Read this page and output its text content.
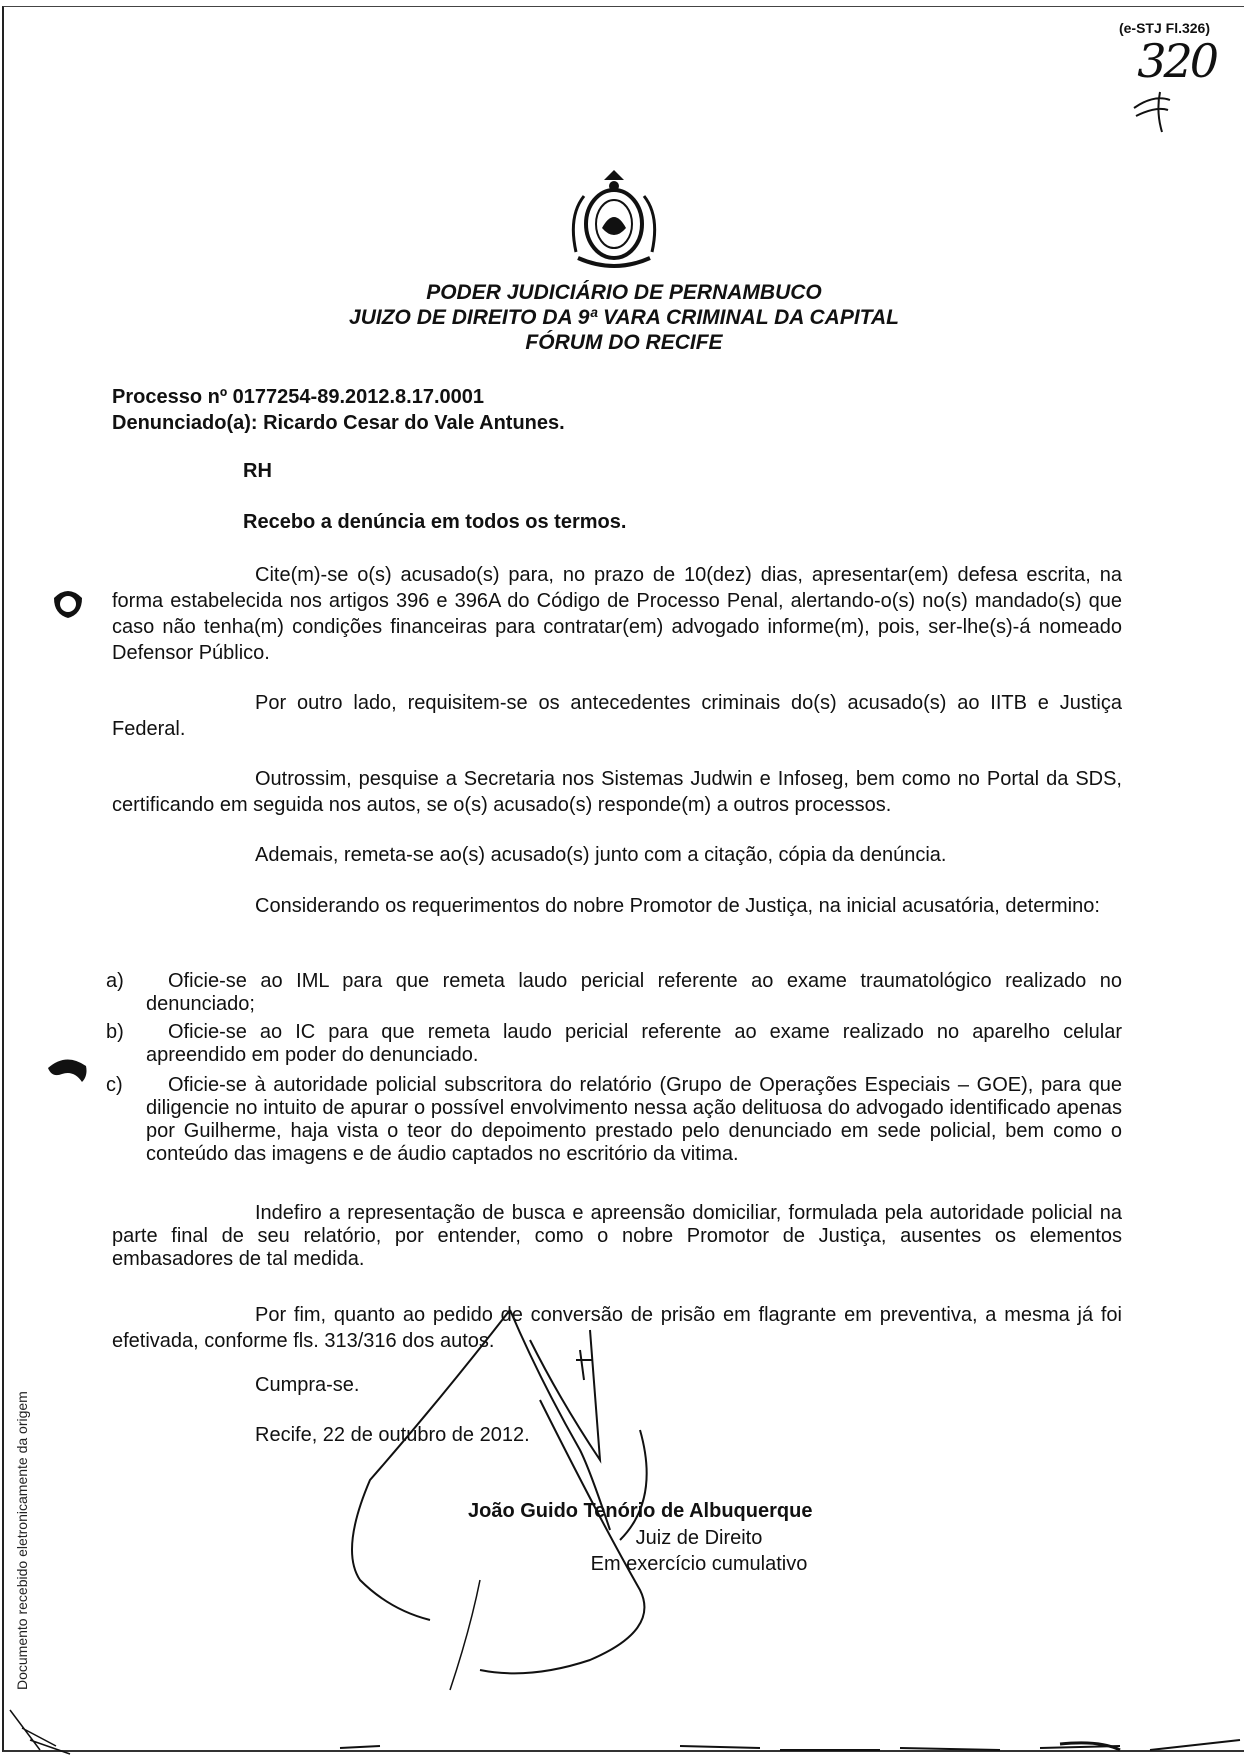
(e-STJ Fl.326)
320
PODER JUDICIÁRIO DE PERNAMBUCO
JUIZO DE DIREITO DA 9ª VARA CRIMINAL DA CAPITAL
FÓRUM DO RECIFE
Processo nº 0177254-89.2012.8.17.0001
Denunciado(a): Ricardo Cesar do Vale Antunes.
RH
Recebo a denúncia em todos os termos.
Cite(m)-se o(s) acusado(s) para, no prazo de 10(dez) dias, apresentar(em) defesa escrita, na forma estabelecida nos artigos 396 e 396A do Código de Processo Penal, alertando-o(s) no(s) mandado(s) que caso não tenha(m) condições financeiras para contratar(em) advogado informe(m), pois, ser-lhe(s)-á nomeado Defensor Público.
Por outro lado, requisitem-se os antecedentes criminais do(s) acusado(s) ao IITB e Justiça Federal.
Outrossim, pesquise a Secretaria nos Sistemas Judwin e Infoseg, bem como no Portal da SDS, certificando em seguida nos autos, se o(s) acusado(s) responde(m) a outros processos.
Ademais, remeta-se ao(s) acusado(s) junto com a citação, cópia da denúncia.
Considerando os requerimentos do nobre Promotor de Justiça, na inicial acusatória, determino:
a)	Oficie-se ao IML para que remeta laudo pericial referente ao exame traumatológico realizado no denunciado;
b)	Oficie-se ao IC para que remeta laudo pericial referente ao exame realizado no aparelho celular apreendido em poder do denunciado.
c)	Oficie-se à autoridade policial subscritora do relatório (Grupo de Operações Especiais – GOE), para que diligencie no intuito de apurar o possível envolvimento nessa ação delituosa do advogado identificado apenas por Guilherme, haja vista o teor do depoimento prestado pelo denunciado em sede policial, bem como o conteúdo das imagens e de áudio captados no escritório da vitima.
Indefiro a representação de busca e apreensão domiciliar, formulada pela autoridade policial na parte final de seu relatório, por entender, como o nobre Promotor de Justiça, ausentes os elementos embasadores de tal medida.
Por fim, quanto ao pedido de conversão de prisão em flagrante em preventiva, a mesma já foi efetivada, conforme fls. 313/316 dos autos.
Cumpra-se.
Recife, 22 de outubro de 2012.
João Guido Tenório de Albuquerque
Juiz de Direito
Em exercício cumulativo
Documento recebido eletronicamente da origem
